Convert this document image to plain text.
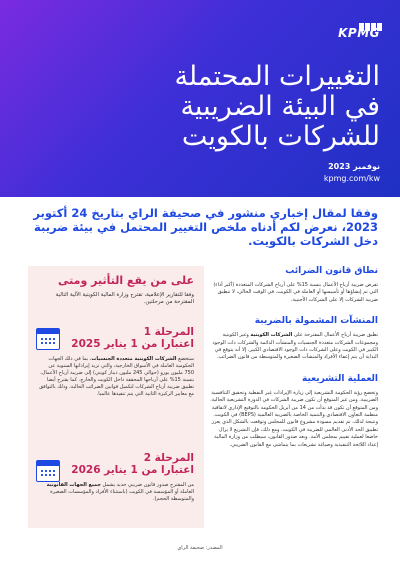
KPMG
التغييرات المحتملة
في البيئة الضريبية
للشركات بالكويت
نوفمبر 2023
kpmg.com/kw
وفقا لمقال إخباري منشور في صحيفة الراي بتاريخ 24 أكتوبر 2023، نعرض لكم أدناه ملخص التغيير المحتمل في بيئة ضريبة دخل الشركات بالكويت.
نطاق قانون الضرائب
تفرض ضريبة أرباح الأعمال بنسبة 15% على أرباح الشركات المتعددة (أكبر أداء) التي تم إنشاؤها أو تأسيسها أو العاملة في الكويت. في الوقت الحالي، لا تنطبق ضريبة الشركات إلا على الشركات الأجنبية.
المنشآت المشمولة بالضريبة
تطبق ضريبة أرباح الأعمال المقترحة على الشركات الكويتية وغير الكويتية ومجموعات الشركات متعددة الجنسيات والمنشآت الدائمة والشركات ذات الوجود الكبير في الكويت وعلى الشركات ذات الوجود الاقتصادي الكبير. إلا أنه يتوقع في البداية أن يتم إعفاء الأفراد والمنشآت الصغيرة والمتوسطة من قانون الضرائب.
العملية التشريعية
وتخضع رؤية الحكومة التشريعية إلى زيارة الإيرادات غير النفطية وتحقيق التنافسية الضريبية. ومن غير المتوقع أن تكون ضريبة الشركات في الدورة التشريعية الحالية. ومن المتوقع أن تكون قد بدأت من 14 من أبريل الحكومة بالتوقيع الإداري لاتفاقية منظمة التعاون الاقتصادي والتنمية الخاصة بالضريبة العالمية (BEPS) في الكويت. ونتيجة لذلك، تم تقديم مسودة مشروع قانون للمجلس وتوقعت بالشكل الذي يعزز تطبيق الحد الأدنى العالمي للضريبة في الكويت. ومع ذلك، فإن التشريع لا يزال خاضعا لعملية تقييم بمجلس الأمة. وبعد صدور القانون، سيطلب من وزارة المالية إعداد اللائحة التنفيذية وصياغة تشريعات بما يتماشى مع القانون الضريبي.
على من يقع التأثير ومتى
وفقا للتقارير الإعلامية، تقترح وزارة المالية الكويتية الآلية التالية المقترحة من مرحلتين.
المرحلة 1
اعتبارا من 1 يناير 2025
ستخضع الشركات الكويتية متعددة الجنسيات، بما في ذلك الجهات الحكومية العاملة في الأسواق الخارجية، والتي تزيد إيراداتها السنوية عن 750 مليون يورو (حوالي 245 مليون دينار كويتي) إلى ضريبة أرباح الأعمال، بنسبة 15% على أرباحها المحققة داخل الكويت والخارج. كما يقترح أيضا تطبيق ضريبة أرباح الشركات لتكميل قوانين الضرائب الحالية، وذلك بالتوافق مع معايير الركيزة الثانية التي يتم تنفيذها عالميا.
المرحلة 2
اعتبارا من 1 يناير 2026
من المقترح صدور قانون ضريبي جديد يشمل جميع الجهات القانونية العاملة أو المؤسسة في الكويت (باستثناء الأفراد والمؤسسات الصغيرة والمتوسطة الحجم).
المصدر: صحيفة الراي
